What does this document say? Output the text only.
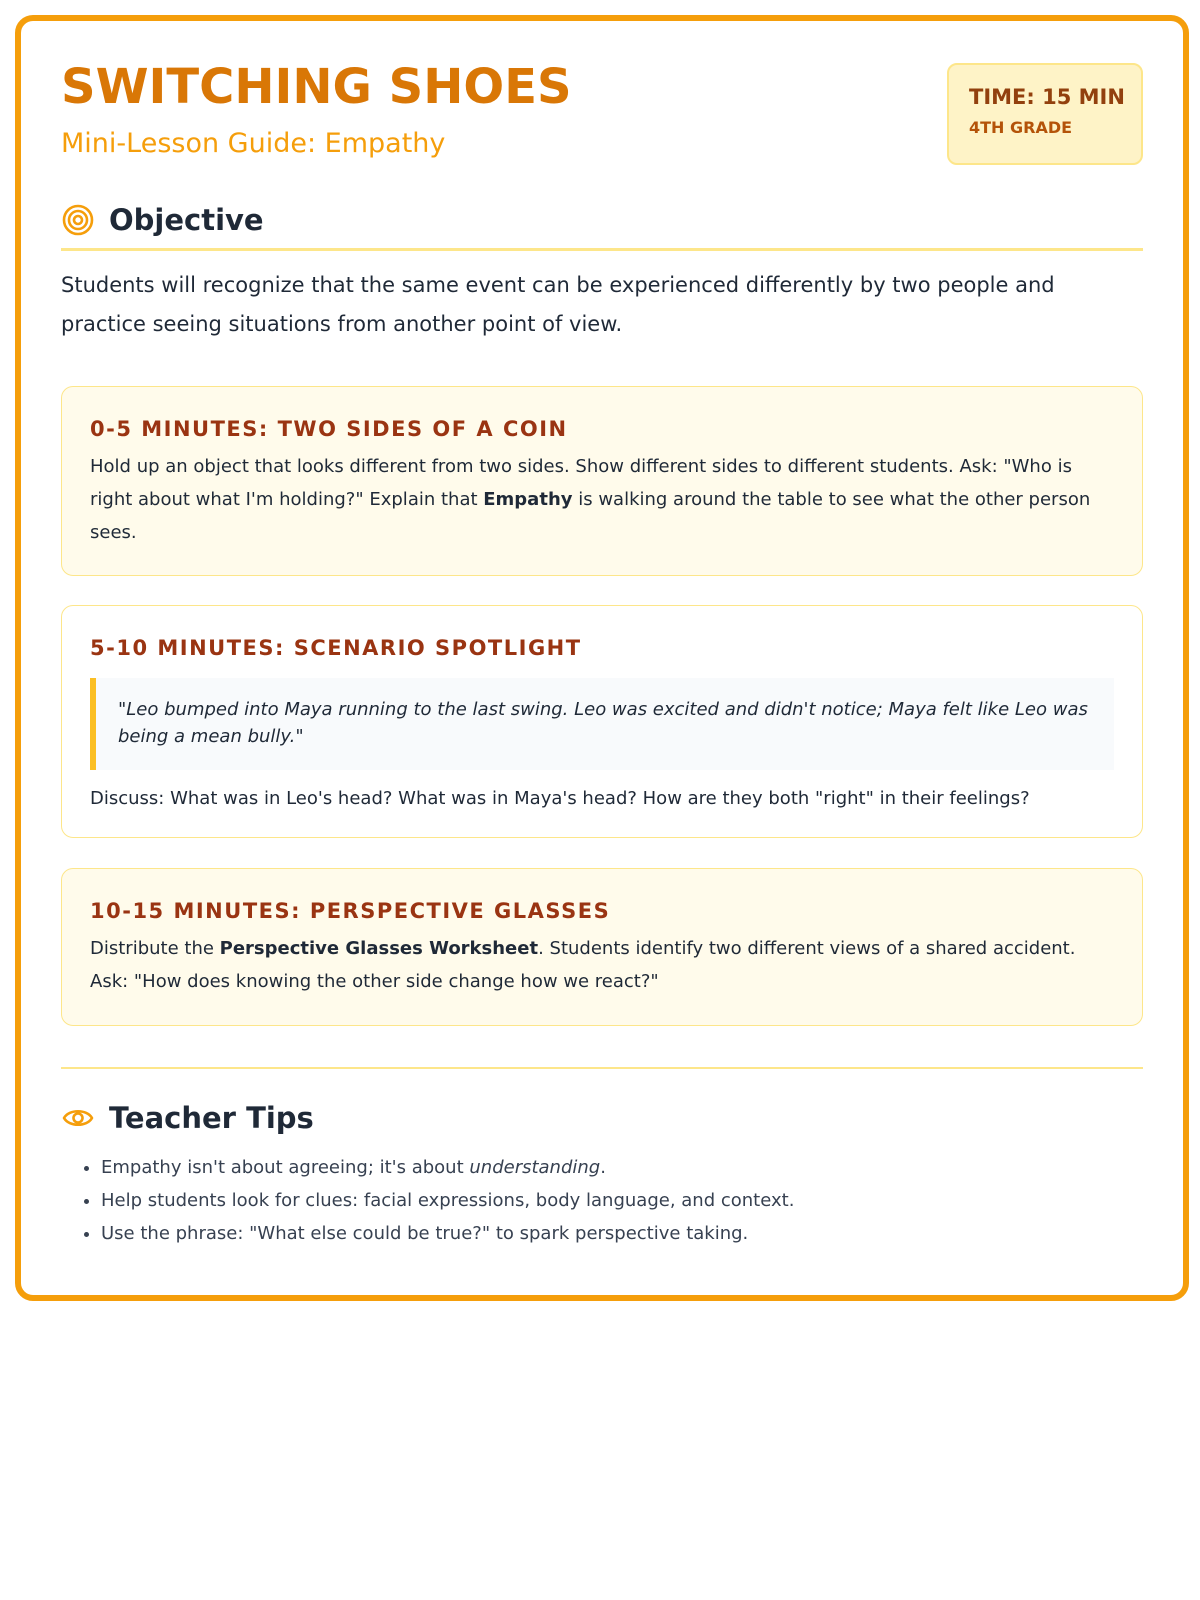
SWITCHING SHOES
Mini-Lesson Guide: Empathy
TIME: 15 MIN
4TH GRADE
Objective
Students will recognize that the same event can be experienced differently by two people and practice seeing situations from another point of view.
0-5 MINUTES: TWO SIDES OF A COIN
Hold up an object that looks different from two sides. Show different sides to different students. Ask: "Who is right about what I'm holding?" Explain that Empathy is walking around the table to see what the other person sees.
5-10 MINUTES: SCENARIO SPOTLIGHT
"Leo bumped into Maya running to the last swing. Leo was excited and didn't notice; Maya felt like Leo was being a mean bully."
Discuss: What was in Leo's head? What was in Maya's head? How are they both "right" in their feelings?
10-15 MINUTES: PERSPECTIVE GLASSES
Distribute the Perspective Glasses Worksheet. Students identify two different views of a shared accident. Ask: "How does knowing the other side change how we react?"
Teacher Tips
• Empathy isn't about agreeing; it's about understanding.
• Help students look for clues: facial expressions, body language, and context.
• Use the phrase: "What else could be true?" to spark perspective taking.
